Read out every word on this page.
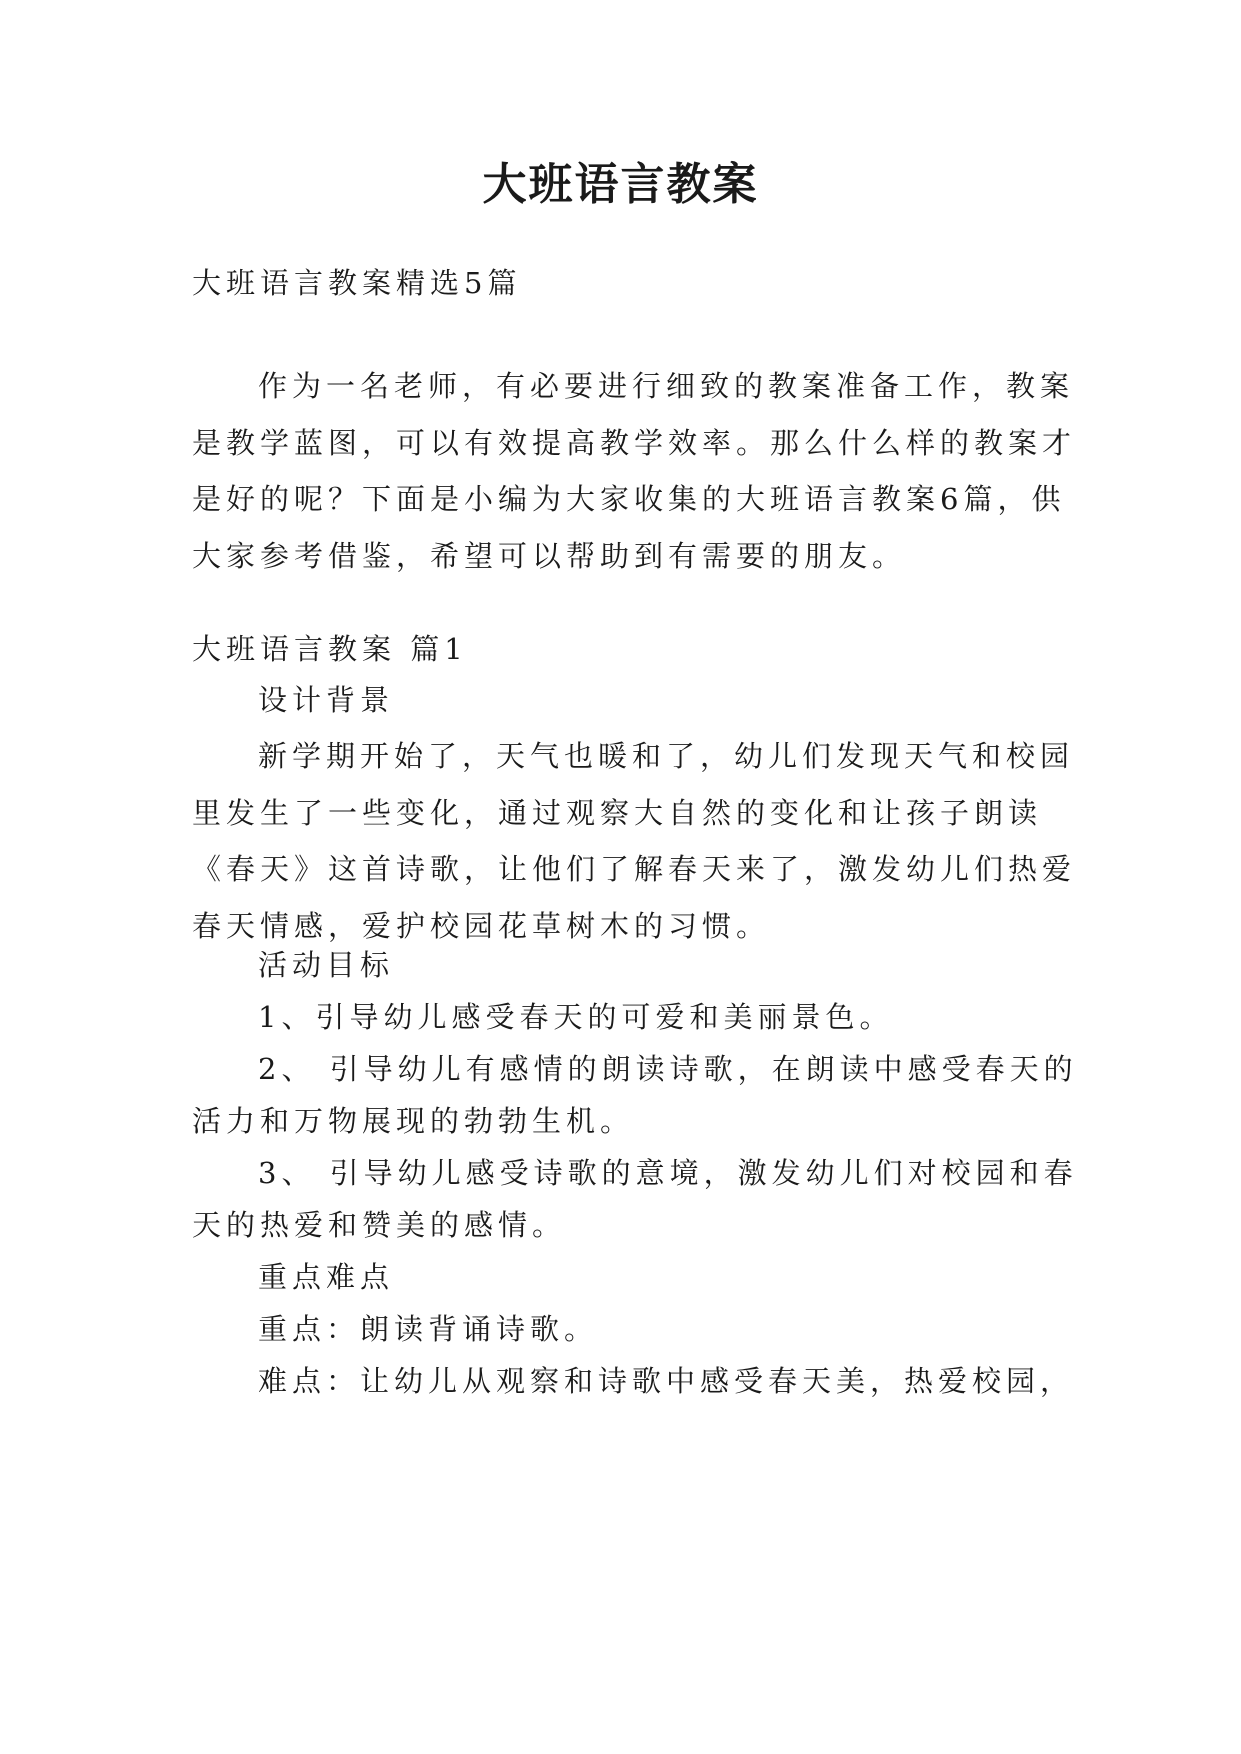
大班语言教案
大班语言教案精选5篇
作为一名老师，有必要进行细致的教案准备工作，教案
是教学蓝图，可以有效提高教学效率。那么什么样的教案才
是好的呢？下面是小编为大家收集的大班语言教案6篇，供
大家参考借鉴，希望可以帮助到有需要的朋友。
大班语言教案 篇1
设计背景
新学期开始了，天气也暖和了，幼儿们发现天气和校园
里发生了一些变化，通过观察大自然的变化和让孩子朗读
《春天》这首诗歌，让他们了解春天来了，激发幼儿们热爱
春天情感，爱护校园花草树木的习惯。
活动目标
1、引导幼儿感受春天的可爱和美丽景色。
2、 引导幼儿有感情的朗读诗歌，在朗读中感受春天的
活力和万物展现的勃勃生机。
3、 引导幼儿感受诗歌的意境，激发幼儿们对校园和春
天的热爱和赞美的感情。
重点难点
重点：朗读背诵诗歌。
难点：让幼儿从观察和诗歌中感受春天美，热爱校园，
